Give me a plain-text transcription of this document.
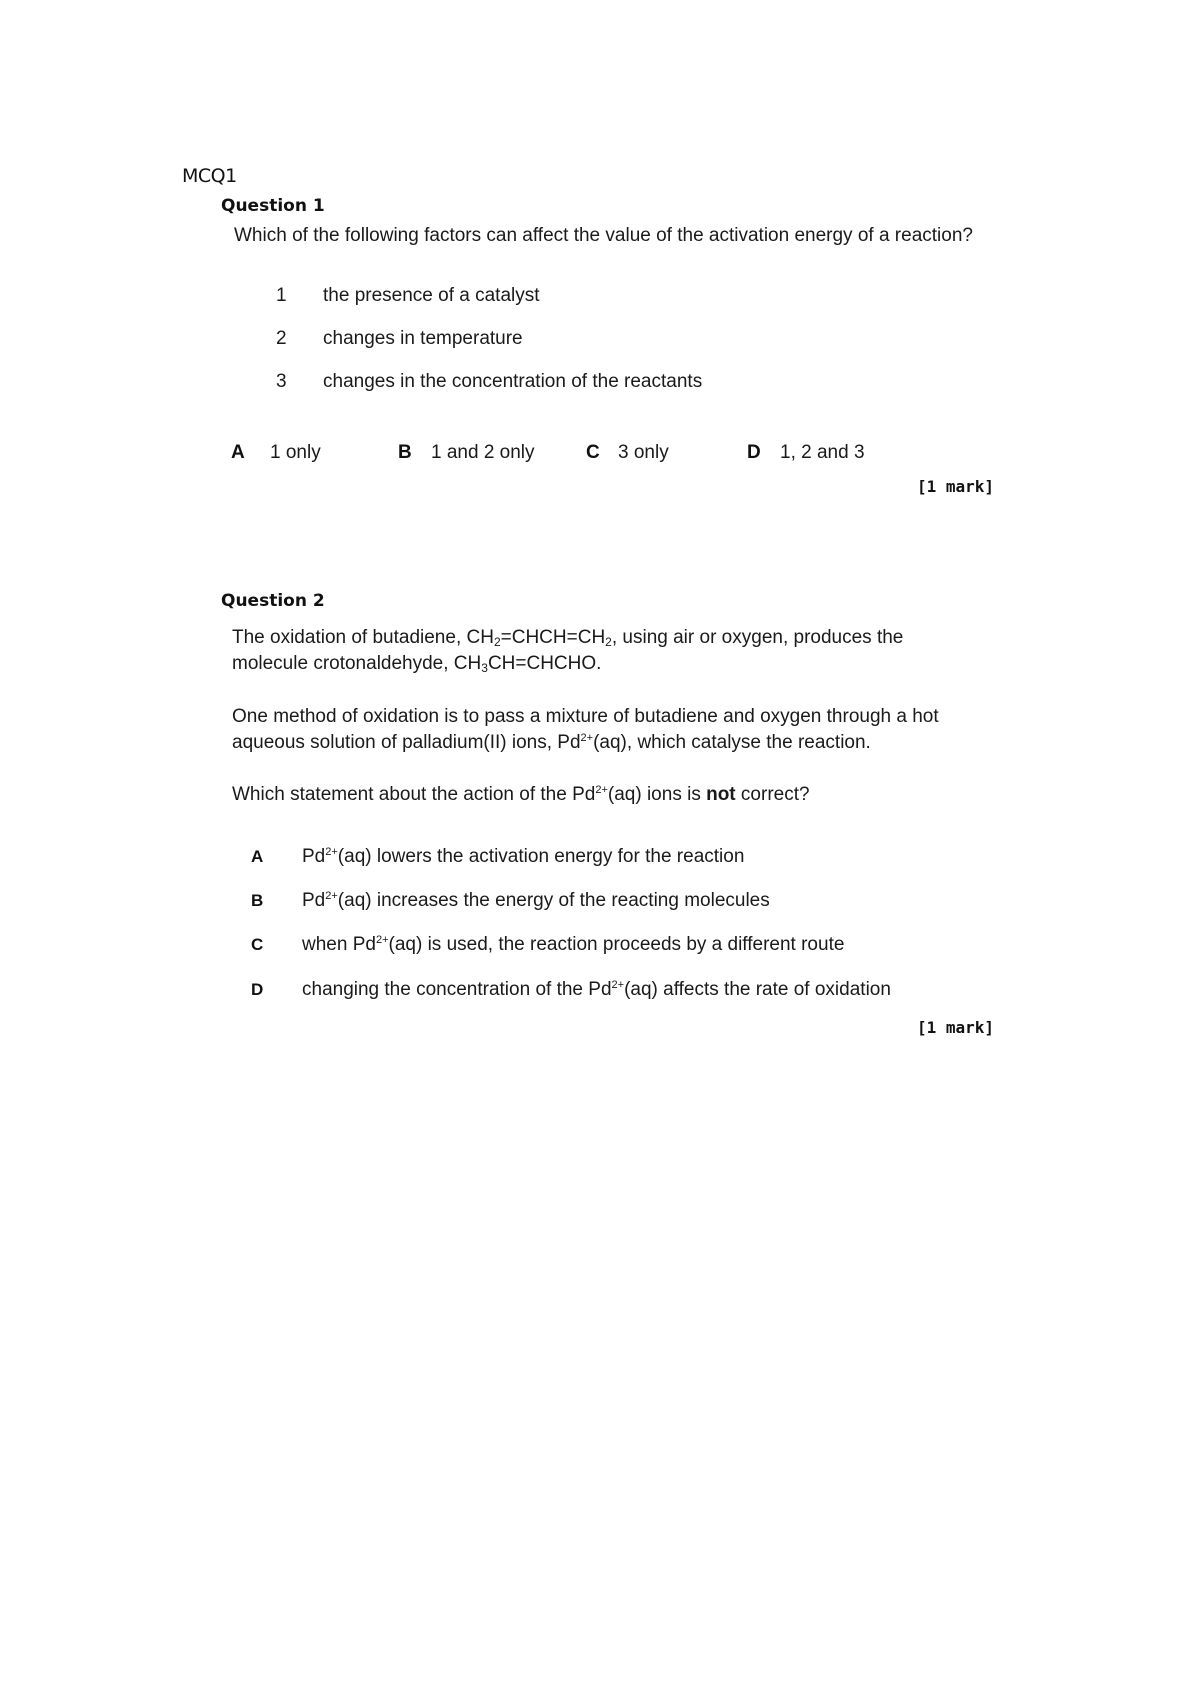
MCQ1
Question 1
Which of the following factors can affect the value of the activation energy of a reaction?
1 the presence of a catalyst
2 changes in temperature
3 changes in the concentration of the reactants
A 1 only	B 1 and 2 only	C 3 only	D 1, 2 and 3
[1 mark]
Question 2
The oxidation of butadiene, $CH_2=CHCH=CH_2$, using air or oxygen, produces the
molecule crotonaldehyde, $CH_3CH=CHCHO$.
One method of oxidation is to pass a mixture of butadiene and oxygen through a hot
aqueous solution of palladium(II) ions, $Pd^{2+}(aq)$, which catalyse the reaction.
Which statement about the action of the $Pd^{2+}(aq)$ ions is not correct?
A $Pd^{2+}(aq)$ lowers the activation energy for the reaction
B $Pd^{2+}(aq)$ increases the energy of the reacting molecules
C when $Pd^{2+}(aq)$ is used, the reaction proceeds by a different route
D changing the concentration of the $Pd^{2+}(aq)$ affects the rate of oxidation
[1 mark]
